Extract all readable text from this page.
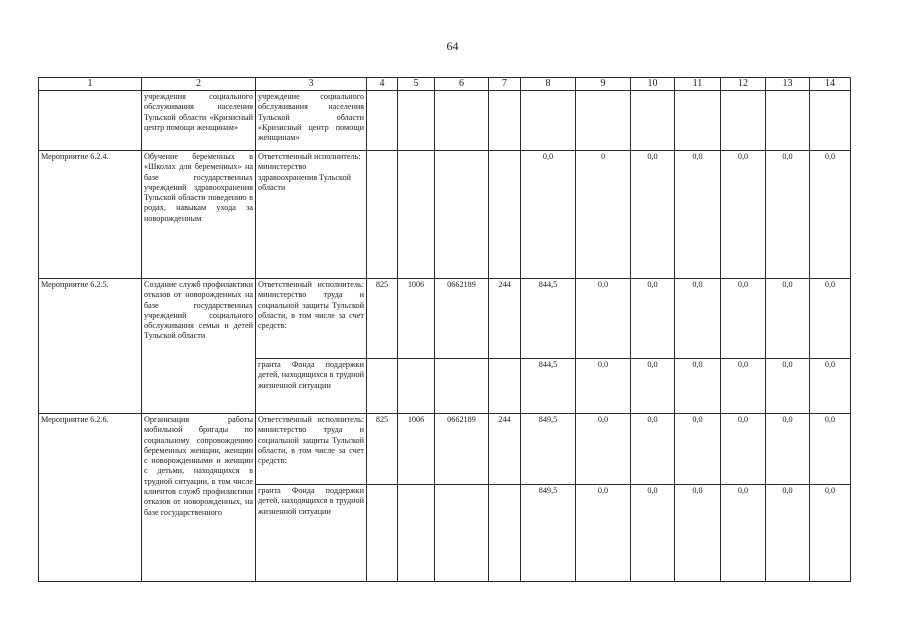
64
1	2	3	4	5	6	7	8	9	10	11	12	13	14
	учреждения социального обслуживания населения Тульской области «Кризисный центр помощи женщинам»	учреждение социального обслуживания населения Тульской области «Кризисный центр помощи женщинам»											
Мероприятие 6.2.4.	Обучение беременных в «Школах для беременных» на базе государственных учреждений здравоохранения Тульской области поведению в родах, навыкам ухода за новорожденным	Ответственный исполнитель: министерство здравоохранения Тульской области					0,0	0	0,0	0,0	0,0	0,0	0,0
Мероприятие 6.2.5.	Создание служб профилактики отказов от новорожденных на базе государственных учреждений социального обслуживания семьи и детей Тульской области	Ответственный исполнитель: министерство труда и социальной защиты Тульской области, в том числе за счет средств:	825	1006	0662189	244	844,5	0,0	0,0	0,0	0,0	0,0	0,0
		гранта Фонда поддержки детей, находящихся в трудной жизненной ситуации					844,5	0,0	0,0	0,0	0,0	0,0	0,0
Мероприятие 6.2.6.	Организация работы мобильной бригады по социальному сопровождению беременных женщин, женщин с новорожденными и женщин с детьми, находящихся в трудной ситуации, в том числе клиентов служб профилактики отказов от новорожденных, на базе государственного	Ответственный исполнитель: министерство труда и социальной защиты Тульской области, в том числе за счет средств:	825	1006	0662189	244	849,5	0,0	0,0	0,0	0,0	0,0	0,0
		гранта Фонда поддержки детей, находящихся в трудной жизненной ситуации					849,5	0,0	0,0	0,0	0,0	0,0	0,0
